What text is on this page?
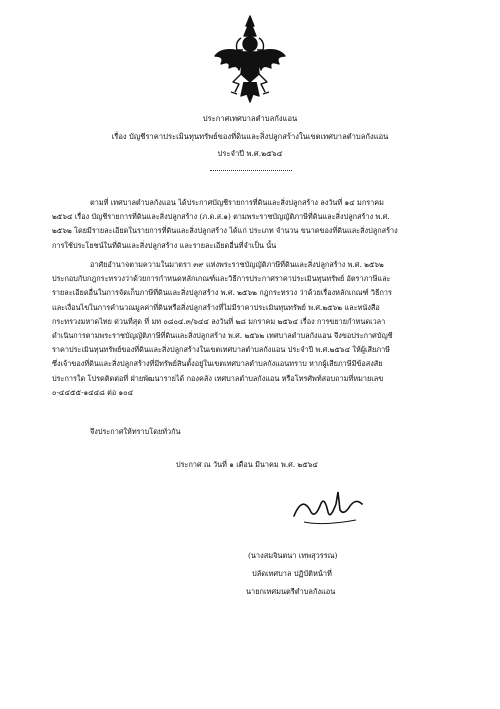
ประกาศเทศบาลตำบลกังแอน
เรื่อง บัญชีราคาประเมินทุนทรัพย์ของที่ดินและสิ่งปลูกสร้างในเขตเทศบาลตำบลกังแอน
ประจำปี พ.ศ.๒๕๖๔
ตามที่ เทศบาลตำบลกังแอน ได้ประกาศบัญชีรายการที่ดินและสิ่งปลูกสร้าง ลงวันที่ ๑๔ มกราคม
๒๕๖๔ เรื่อง บัญชีรายการที่ดินและสิ่งปลูกสร้าง (ภ.ด.ส.๑) ตามพระราชบัญญัติภาษีที่ดินและสิ่งปลูกสร้าง พ.ศ.
๒๕๖๒ โดยมีรายละเอียดในรายการที่ดินและสิ่งปลูกสร้าง ได้แก่ ประเภท จำนวน ขนาดของที่ดินและสิ่งปลูกสร้าง
การใช้ประโยชน์ในที่ดินและสิ่งปลูกสร้าง และรายละเอียดอื่นที่จำเป็น นั้น
อาศัยอำนาจตามความในมาตรา ๓๙ แห่งพระราชบัญญัติภาษีที่ดินและสิ่งปลูกสร้าง พ.ศ. ๒๕๖๒
ประกอบกับกฎกระทรวงว่าด้วยการกำหนดหลักเกณฑ์และวิธีการประกาศราคาประเมินทุนทรัพย์ อัตราภาษีและ
รายละเอียดอื่นในการจัดเก็บภาษีที่ดินและสิ่งปลูกสร้าง พ.ศ. ๒๕๖๒ กฎกระทรวง ว่าด้วยเรื่องหลักเกณฑ์ วิธีการ
และเงื่อนไขในการคำนวณมูลค่าที่ดินหรือสิ่งปลูกสร้างที่ไม่มีราคาประเมินทุนทรัพย์ พ.ศ.๒๕๖๒ และหนังสือ
กระทรวงมหาดไทย ด่วนที่สุด ที่ มท ๐๘๐๔.๓/๖๔๔ ลงวันที่ ๒๘ มกราคม ๒๕๖๔ เรื่อง การขยายกำหนดเวลา
ดำเนินการตามพระราชบัญญัติภาษีที่ดินและสิ่งปลูกสร้าง พ.ศ. ๒๕๖๒ เทศบาลตำบลกังแอน จึงขอประกาศบัญชี
ราคาประเมินทุนทรัพย์ของที่ดินและสิ่งปลูกสร้างในเขตเทศบาลตำบลกังแอน ประจำปี พ.ศ.๒๕๖๔ ให้ผู้เสียภาษี
ซึ่งเจ้าของที่ดินและสิ่งปลูกสร้างที่มีทรัพย์สินตั้งอยู่ในเขตเทศบาลตำบลกังแอนทราบ หากผู้เสียภาษีมีข้อสงสัย
ประการใด โปรดติดต่อที่ ฝ่ายพัฒนารายได้ กองคลัง เทศบาลตำบลกังแอน หรือโทรศัพท์สอบถามที่หมายเลข
๐-๔๔๕๕-๑๔๔๘ ต่อ ๑๐๔
จึงประกาศให้ทราบโดยทั่วกัน
ประกาศ ณ วันที่ ๑ เดือน มีนาคม พ.ศ. ๒๕๖๔
(นางสมจินตนา เทพสุวรรณ)
ปลัดเทศบาล ปฏิบัติหน้าที่
นายกเทศมนตรีตำบลกังแอน
